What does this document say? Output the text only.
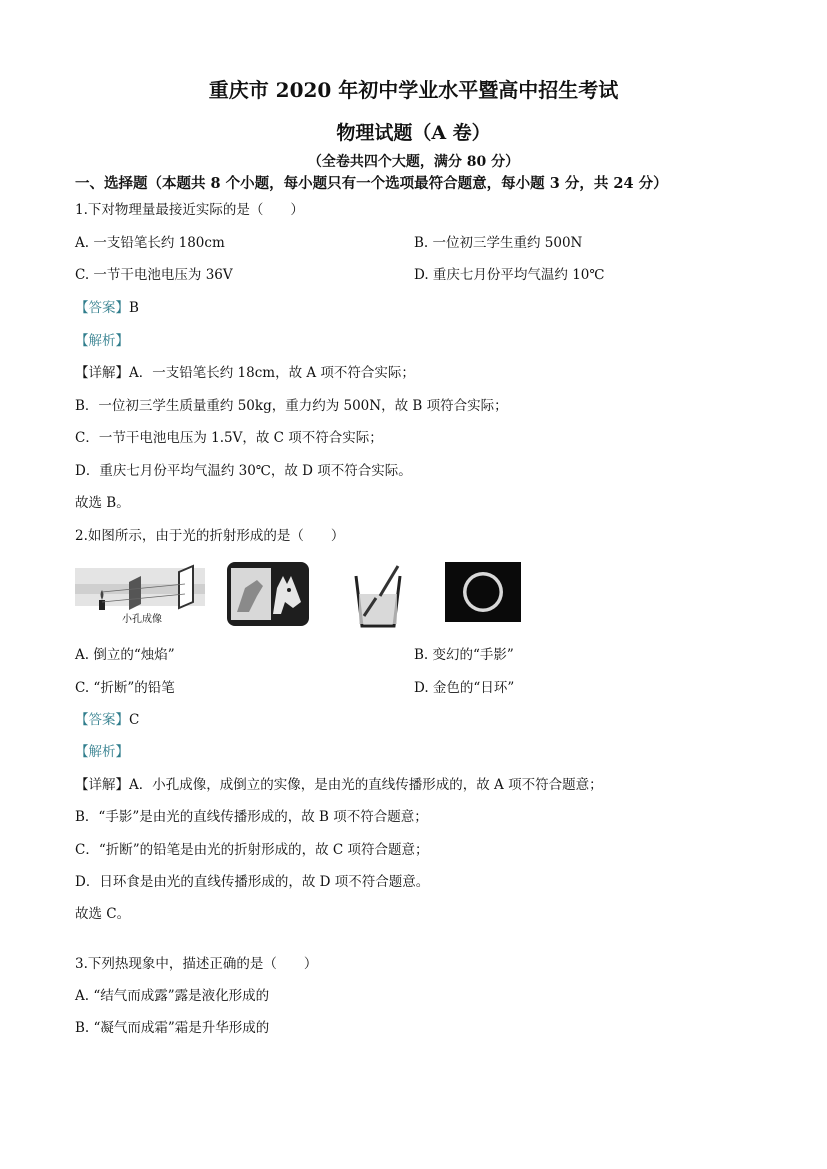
重庆市 2020 年初中学业水平暨高中招生考试
物理试题（A 卷）
（全卷共四个大题，满分 80 分）
一、选择题（本题共 8 个小题，每小题只有一个选项最符合题意，每小题 3 分，共 24 分）
1.下对物理量最接近实际的是（　　）
A. 一支铅笔长约 180cm	B. 一位初三学生重约 500N
C. 一节干电池电压为 36V	D. 重庆七月份平均气温约 10℃
【答案】B
【解析】
【详解】A．一支铅笔长约 18cm，故 A 项不符合实际；
B．一位初三学生质量重约 50kg，重力约为 500N，故 B 项符合实际；
C．一节干电池电压为 1.5V，故 C 项不符合实际；
D．重庆七月份平均气温约 30℃，故 D 项不符合实际。
故选 B。
2.如图所示，由于光的折射形成的是（　　）
小孔成像
A. 倒立的“烛焰”	B. 变幻的“手影”
C. “折断”的铅笔	D. 金色的“日环”
【答案】C
【解析】
【详解】A．小孔成像，成倒立的实像，是由光的直线传播形成的，故 A 项不符合题意；
B．“手影”是由光的直线传播形成的，故 B 项不符合题意；
C．“折断”的铅笔是由光的折射形成的，故 C 项符合题意；
D．日环食是由光的直线传播形成的，故 D 项不符合题意。
故选 C。
3.下列热现象中，描述正确的是（　　）
A. “结气而成露”露是液化形成的
B. “凝气而成霜”霜是升华形成的
